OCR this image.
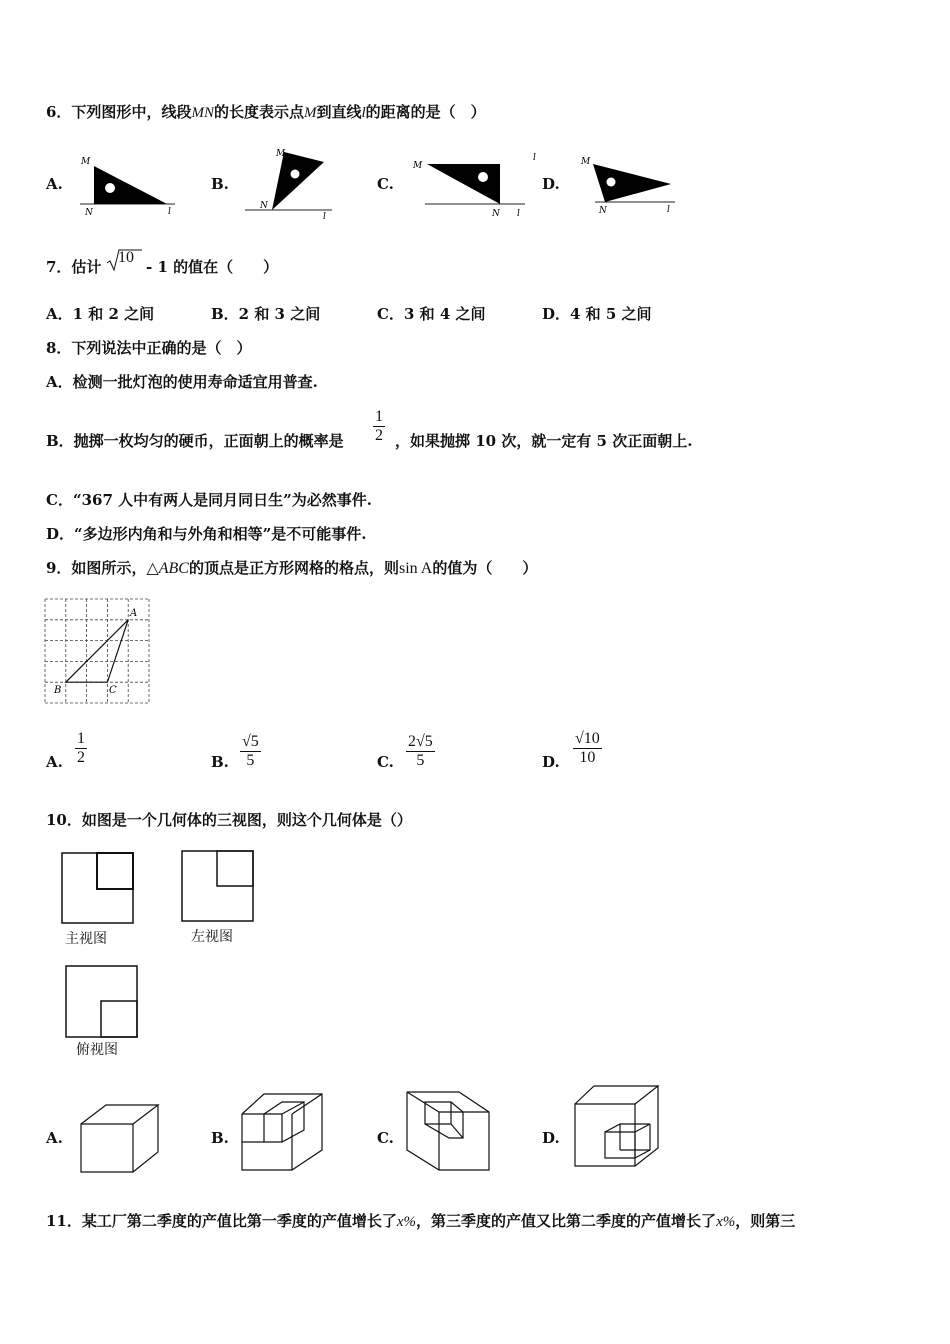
6．下列图形中，线段MN的长度表示点M到直线l的距离的是（　）
A.	B.	C.	D.
M
N	l
M
N
l
M
N l
l	M
N	l
7．估计
10
- 1 的值在（　　）
A．1 和 2 之间	B．2 和 3 之间	C．3 和 4 之间	D．4 和 5 之间
8．下列说法中正确的是（　）
A．检测一批灯泡的使用寿命适宜用普查.
B．抛掷一枚均匀的硬币，正面朝上的概率是 $\frac{1}{2}$ ，如果抛掷 10 次，就一定有 5 次正面朝上.
C．“367 人中有两人是同月同日生”为必然事件.
D．“多边形内角和与外角和相等”是不可能事件.
9．如图所示，△ABC的顶点是正方形网格的格点，则sin A的值为（　　）
A
B	C
A. $\frac{1}{2}$	B. $\frac{√5}{5}$	C. $\frac{2√5}{5}$	D. $\frac{√10}{10}$
10．如图是一个几何体的三视图，则这个几何体是（）
主视图	左视图
俯视图
A.	B.	C.	D.
11．某工厂第二季度的产值比第一季度的产值增长了x%，第三季度的产值又比第二季度的产值增长了x%，则第三
